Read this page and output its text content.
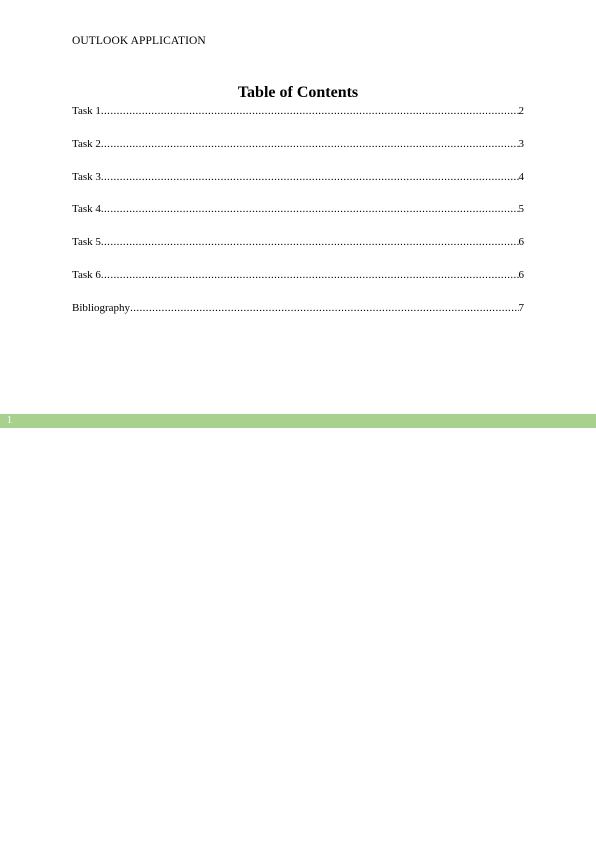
OUTLOOK APPLICATION
Table of Contents
Task 1 .....	2
Task 2 .....	3
Task 3 .....	4
Task 4 .....	5
Task 5 .....	6
Task 6 .....	6
Bibliography .....	7
1
